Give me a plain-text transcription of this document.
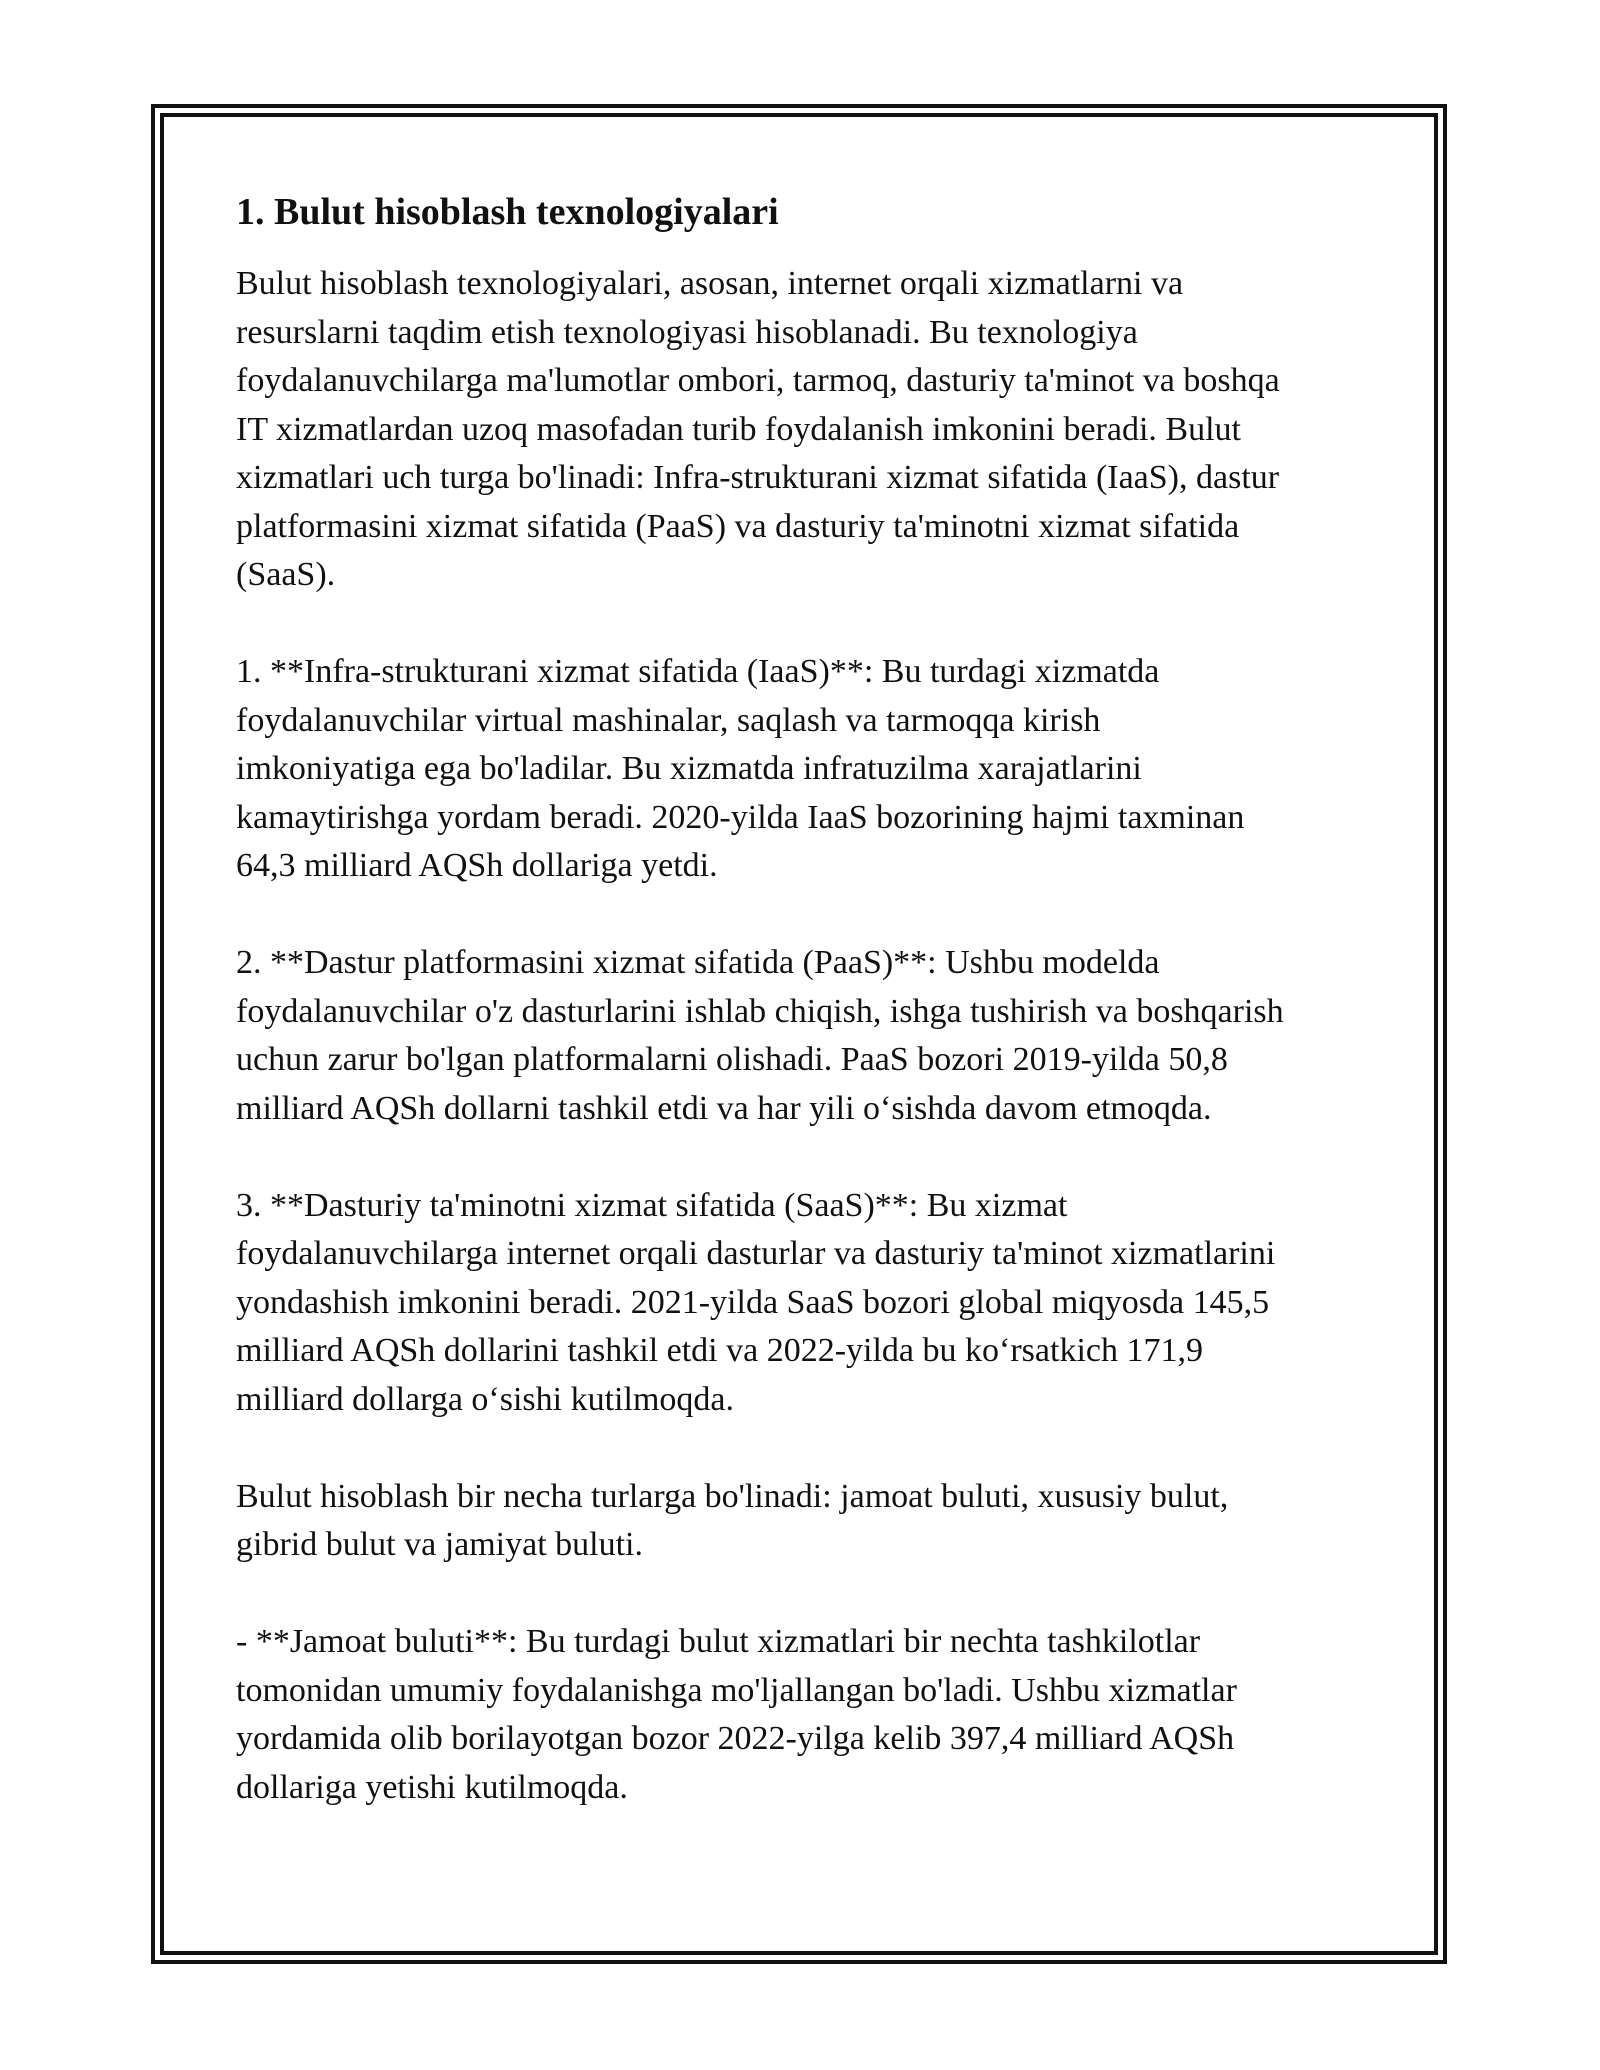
1. Bulut hisoblash texnologiyalari

Bulut hisoblash texnologiyalari, asosan, internet orqali xizmatlarni va
resurslarni taqdim etish texnologiyasi hisoblanadi. Bu texnologiya
foydalanuvchilarga ma'lumotlar ombori, tarmoq, dasturiy ta'minot va boshqa
IT xizmatlardan uzoq masofadan turib foydalanish imkonini beradi. Bulut
xizmatlari uch turga bo'linadi: Infra-strukturani xizmat sifatida (IaaS), dastur
platformasini xizmat sifatida (PaaS) va dasturiy ta'minotni xizmat sifatida
(SaaS).

1. **Infra-strukturani xizmat sifatida (IaaS)**: Bu turdagi xizmatda
foydalanuvchilar virtual mashinalar, saqlash va tarmoqqa kirish
imkoniyatiga ega bo'ladilar. Bu xizmatda infratuzilma xarajatlarini
kamaytirishga yordam beradi. 2020-yilda IaaS bozorining hajmi taxminan
64,3 milliard AQSh dollariga yetdi.

2. **Dastur platformasini xizmat sifatida (PaaS)**: Ushbu modelda
foydalanuvchilar o'z dasturlarini ishlab chiqish, ishga tushirish va boshqarish
uchun zarur bo'lgan platformalarni olishadi. PaaS bozori 2019-yilda 50,8
milliard AQSh dollarni tashkil etdi va har yili o‘sishda davom etmoqda.

3. **Dasturiy ta'minotni xizmat sifatida (SaaS)**: Bu xizmat
foydalanuvchilarga internet orqali dasturlar va dasturiy ta'minot xizmatlarini
yondashish imkonini beradi. 2021-yilda SaaS bozori global miqyosda 145,5
milliard AQSh dollarini tashkil etdi va 2022-yilda bu ko‘rsatkich 171,9
milliard dollarga o‘sishi kutilmoqda.

Bulut hisoblash bir necha turlarga bo'linadi: jamoat buluti, xususiy bulut,
gibrid bulut va jamiyat buluti.

- **Jamoat buluti**: Bu turdagi bulut xizmatlari bir nechta tashkilotlar
tomonidan umumiy foydalanishga mo'ljallangan bo'ladi. Ushbu xizmatlar
yordamida olib borilayotgan bozor 2022-yilga kelib 397,4 milliard AQSh
dollariga yetishi kutilmoqda.
